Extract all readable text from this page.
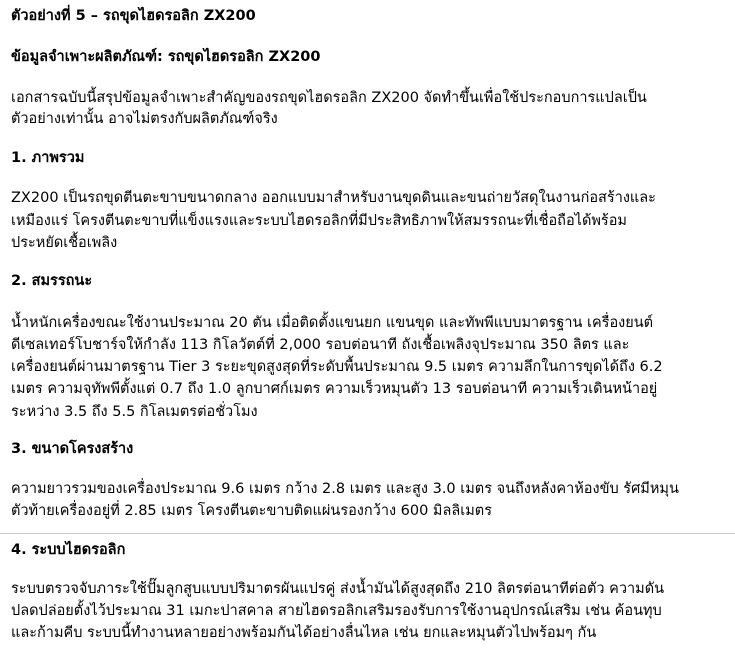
ตัวอย่างที่ 5 – รถขุดไฮดรอลิก ZX200
ข้อมูลจำเพาะผลิตภัณฑ์: รถขุดไฮดรอลิก ZX200
เอกสารฉบับนี้สรุปข้อมูลจำเพาะสำคัญของรถขุดไฮดรอลิก ZX200 จัดทำขึ้นเพื่อใช้ประกอบการแปลเป็น
ตัวอย่างเท่านั้น อาจไม่ตรงกับผลิตภัณฑ์จริง
1. ภาพรวม
ZX200 เป็นรถขุดตีนตะขาบขนาดกลาง ออกแบบมาสำหรับงานขุดดินและขนถ่ายวัสดุในงานก่อสร้างและ
เหมืองแร่ โครงตีนตะขาบที่แข็งแรงและระบบไฮดรอลิกที่มีประสิทธิภาพให้สมรรถนะที่เชื่อถือได้พร้อม
ประหยัดเชื้อเพลิง
2. สมรรถนะ
น้ำหนักเครื่องขณะใช้งานประมาณ 20 ตัน เมื่อติดตั้งแขนยก แขนขุด และทัพพีแบบมาตรฐาน เครื่องยนต์
ดีเซลเทอร์โบชาร์จให้กำลัง 113 กิโลวัตต์ที่ 2,000 รอบต่อนาที ถังเชื้อเพลิงจุประมาณ 350 ลิตร และ
เครื่องยนต์ผ่านมาตรฐาน Tier 3 ระยะขุดสูงสุดที่ระดับพื้นประมาณ 9.5 เมตร ความลึกในการขุดได้ถึง 6.2
เมตร ความจุทัพพีตั้งแต่ 0.7 ถึง 1.0 ลูกบาศก์เมตร ความเร็วหมุนตัว 13 รอบต่อนาที ความเร็วเดินหน้าอยู่
ระหว่าง 3.5 ถึง 5.5 กิโลเมตรต่อชั่วโมง
3. ขนาดโครงสร้าง
ความยาวรวมของเครื่องประมาณ 9.6 เมตร กว้าง 2.8 เมตร และสูง 3.0 เมตร จนถึงหลังคาห้องขับ รัศมีหมุน
ตัวท้ายเครื่องอยู่ที่ 2.85 เมตร โครงตีนตะขาบติดแผ่นรองกว้าง 600 มิลลิเมตร
4. ระบบไฮดรอลิก
ระบบตรวจจับภาระใช้ปั๊มลูกสูบแบบปริมาตรผันแปรคู่ ส่งน้ำมันได้สูงสุดถึง 210 ลิตรต่อนาทีต่อตัว ความดัน
ปลดปล่อยตั้งไว้ประมาณ 31 เมกะปาสคาล สายไฮดรอลิกเสริมรองรับการใช้งานอุปกรณ์เสริม เช่น ค้อนทุบ
และก้ามคีบ ระบบนี้ทำงานหลายอย่างพร้อมกันได้อย่างลื่นไหล เช่น ยกและหมุนตัวไปพร้อมๆ กัน
